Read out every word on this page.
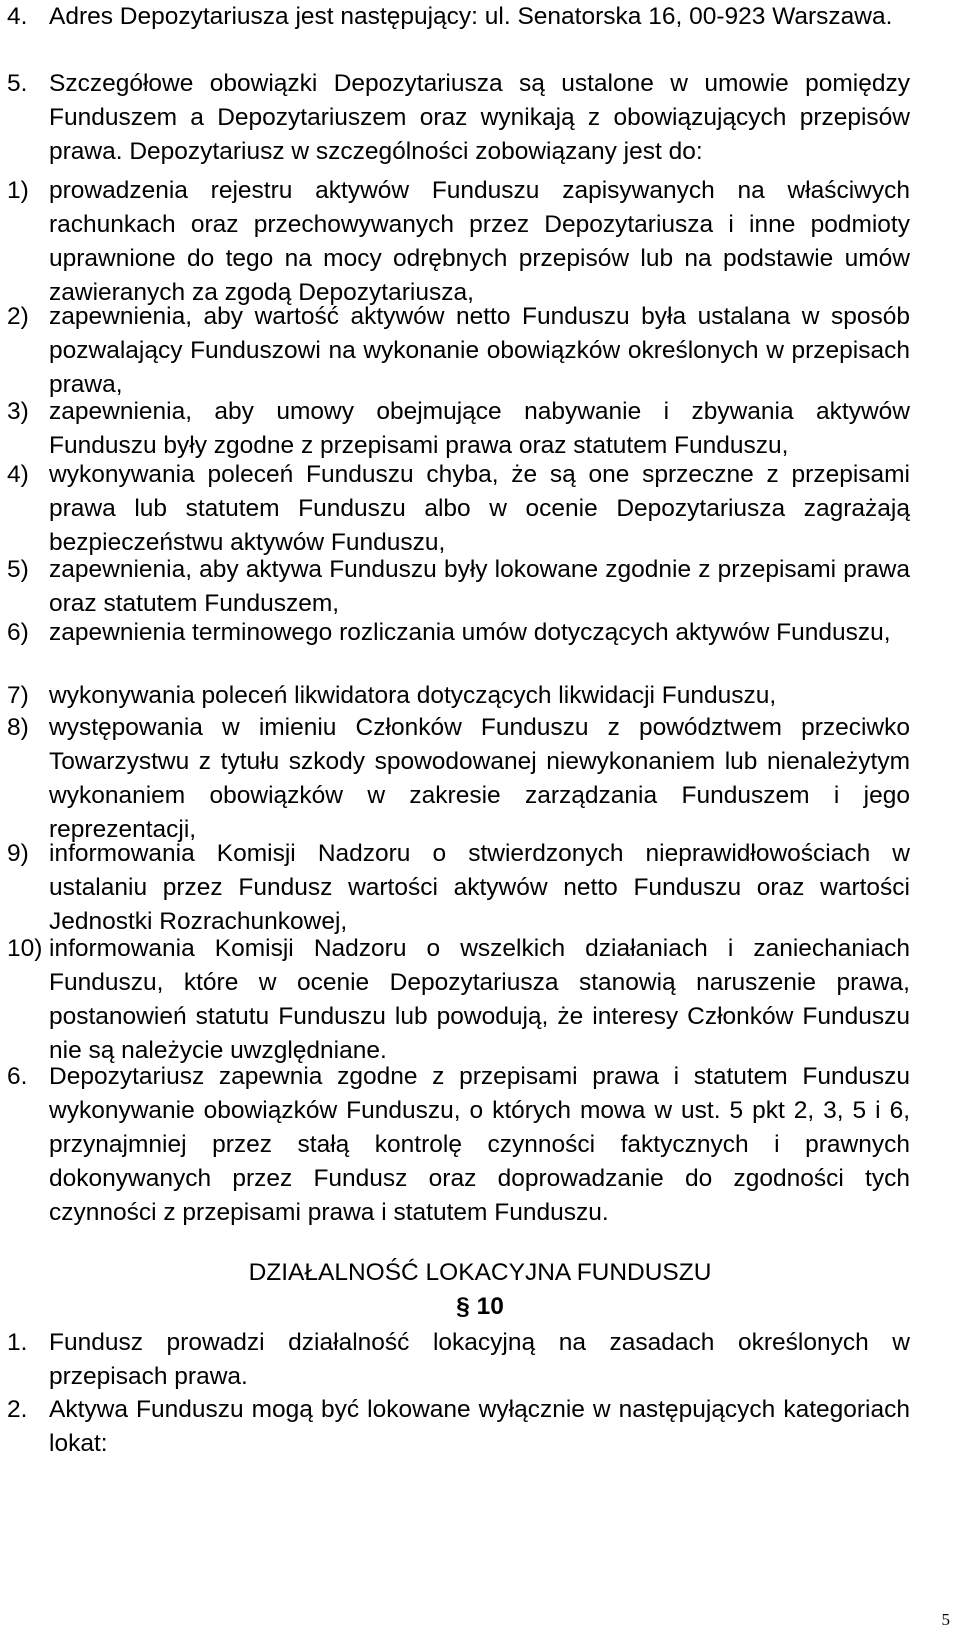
4. Adres Depozytariusza jest następujący: ul. Senatorska 16, 00-923 Warszawa.
5. Szczegółowe obowiązki Depozytariusza są ustalone w umowie pomiędzy Funduszem a Depozytariuszem oraz wynikają z obowiązujących przepisów prawa. Depozytariusz w szczególności zobowiązany jest do:
1) prowadzenia rejestru aktywów Funduszu zapisywanych na właściwych rachunkach oraz przechowywanych przez Depozytariusza i inne podmioty uprawnione do tego na mocy odrębnych przepisów lub na podstawie umów zawieranych za zgodą Depozytariusza,
2) zapewnienia, aby wartość aktywów netto Funduszu była ustalana w sposób pozwalający Funduszowi na wykonanie obowiązków określonych w przepisach prawa,
3) zapewnienia, aby umowy obejmujące nabywanie i zbywania aktywów Funduszu były zgodne z przepisami prawa oraz statutem Funduszu,
4) wykonywania poleceń Funduszu chyba, że są one sprzeczne z przepisami prawa lub statutem Funduszu albo w ocenie Depozytariusza zagrażają bezpieczeństwu aktywów Funduszu,
5) zapewnienia, aby aktywa Funduszu były lokowane zgodnie z przepisami prawa oraz statutem Funduszem,
6) zapewnienia terminowego rozliczania umów dotyczących aktywów Funduszu,
7) wykonywania poleceń likwidatora dotyczących likwidacji Funduszu,
8) występowania w imieniu Członków Funduszu z powództwem przeciwko Towarzystwu z tytułu szkody spowodowanej niewykonaniem lub nienależytym wykonaniem obowiązków w zakresie zarządzania Funduszem i jego reprezentacji,
9) informowania Komisji Nadzoru o stwierdzonych nieprawidłowościach w ustalaniu przez Fundusz wartości aktywów netto Funduszu oraz wartości Jednostki Rozrachunkowej,
10) informowania Komisji Nadzoru o wszelkich działaniach i zaniechaniach Funduszu, które w ocenie Depozytariusza stanowią naruszenie prawa, postanowień statutu Funduszu lub powodują, że interesy Członków Funduszu nie są należycie uwzględniane.
6. Depozytariusz zapewnia zgodne z przepisami prawa i statutem Funduszu wykonywanie obowiązków Funduszu, o których mowa w ust. 5 pkt 2, 3, 5 i 6, przynajmniej przez stałą kontrolę czynności faktycznych i prawnych dokonywanych przez Fundusz oraz doprowadzanie do zgodności tych czynności z przepisami prawa i statutem Funduszu.
DZIAŁALNOŚĆ LOKACYJNA FUNDUSZU
§ 10
1. Fundusz prowadzi działalność lokacyjną na zasadach określonych w przepisach prawa.
2. Aktywa Funduszu mogą być lokowane wyłącznie w następujących kategoriach lokat:
5
